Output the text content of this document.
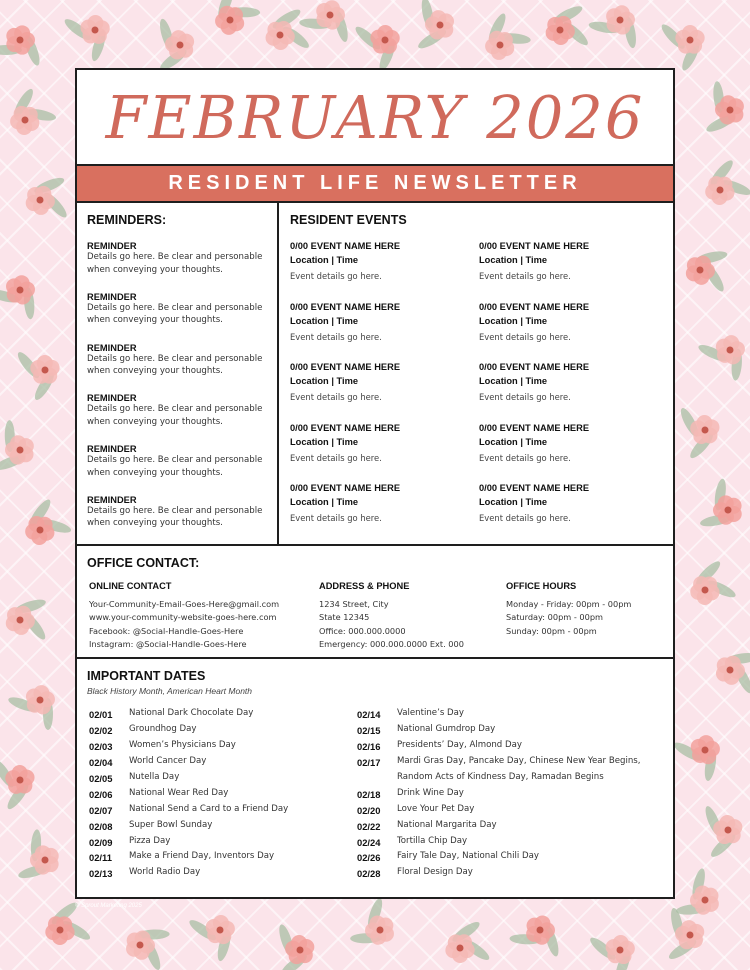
FEBRUARY 2026
RESIDENT LIFE NEWSLETTER
REMINDERS:
REMINDER
Details go here. Be clear and personable when conveying your thoughts.
REMINDER
Details go here. Be clear and personable when conveying your thoughts.
REMINDER
Details go here. Be clear and personable when conveying your thoughts.
REMINDER
Details go here. Be clear and personable when conveying your thoughts.
REMINDER
Details go here. Be clear and personable when conveying your thoughts.
REMINDER
Details go here. Be clear and personable when conveying your thoughts.
RESIDENT EVENTS
0/00 EVENT NAME HERE
Location | Time
Event details go here.
0/00 EVENT NAME HERE
Location | Time
Event details go here.
0/00 EVENT NAME HERE
Location | Time
Event details go here.
0/00 EVENT NAME HERE
Location | Time
Event details go here.
0/00 EVENT NAME HERE
Location | Time
Event details go here.
0/00 EVENT NAME HERE
Location | Time
Event details go here.
0/00 EVENT NAME HERE
Location | Time
Event details go here.
0/00 EVENT NAME HERE
Location | Time
Event details go here.
0/00 EVENT NAME HERE
Location | Time
Event details go here.
0/00 EVENT NAME HERE
Location | Time
Event details go here.
OFFICE CONTACT:
ONLINE CONTACT
Your-Community-Email-Goes-Here@gmail.com
www.your-community-website-goes-here.com
Facebook: @Social-Handle-Goes-Here
Instagram: @Social-Handle-Goes-Here
ADDRESS & PHONE
1234 Street, City
State 12345
Office: 000.000.0000
Emergency: 000.000.0000 Ext. 000
OFFICE HOURS
Monday - Friday: 00pm - 00pm
Saturday: 00pm - 00pm
Sunday: 00pm - 00pm
IMPORTANT DATES
Black History Month, American Heart Month
02/01	National Dark Chocolate Day
02/02	Groundhog Day
02/03	Women’s Physicians Day
02/04	World Cancer Day
02/05	Nutella Day
02/06	National Wear Red Day
02/07	National Send a Card to a Friend Day
02/08	Super Bowl Sunday
02/09	Pizza Day
02/11	Make a Friend Day, Inventors Day
02/13	World Radio Day
02/14	Valentine’s Day
02/15	National Gumdrop Day
02/16	Presidents’ Day, Almond Day
02/17	Mardi Gras Day, Pancake Day, Chinese New Year Begins, Random Acts of Kindness Day, Ramadan Begins
02/18	Drink Wine Day
02/20	Love Your Pet Day
02/22	National Margarita Day
02/24	Tortilla Chip Day
02/26	Fairy Tale Day, National Chili Day
02/28	Floral Design Day
© Sprout Marketing 2025
